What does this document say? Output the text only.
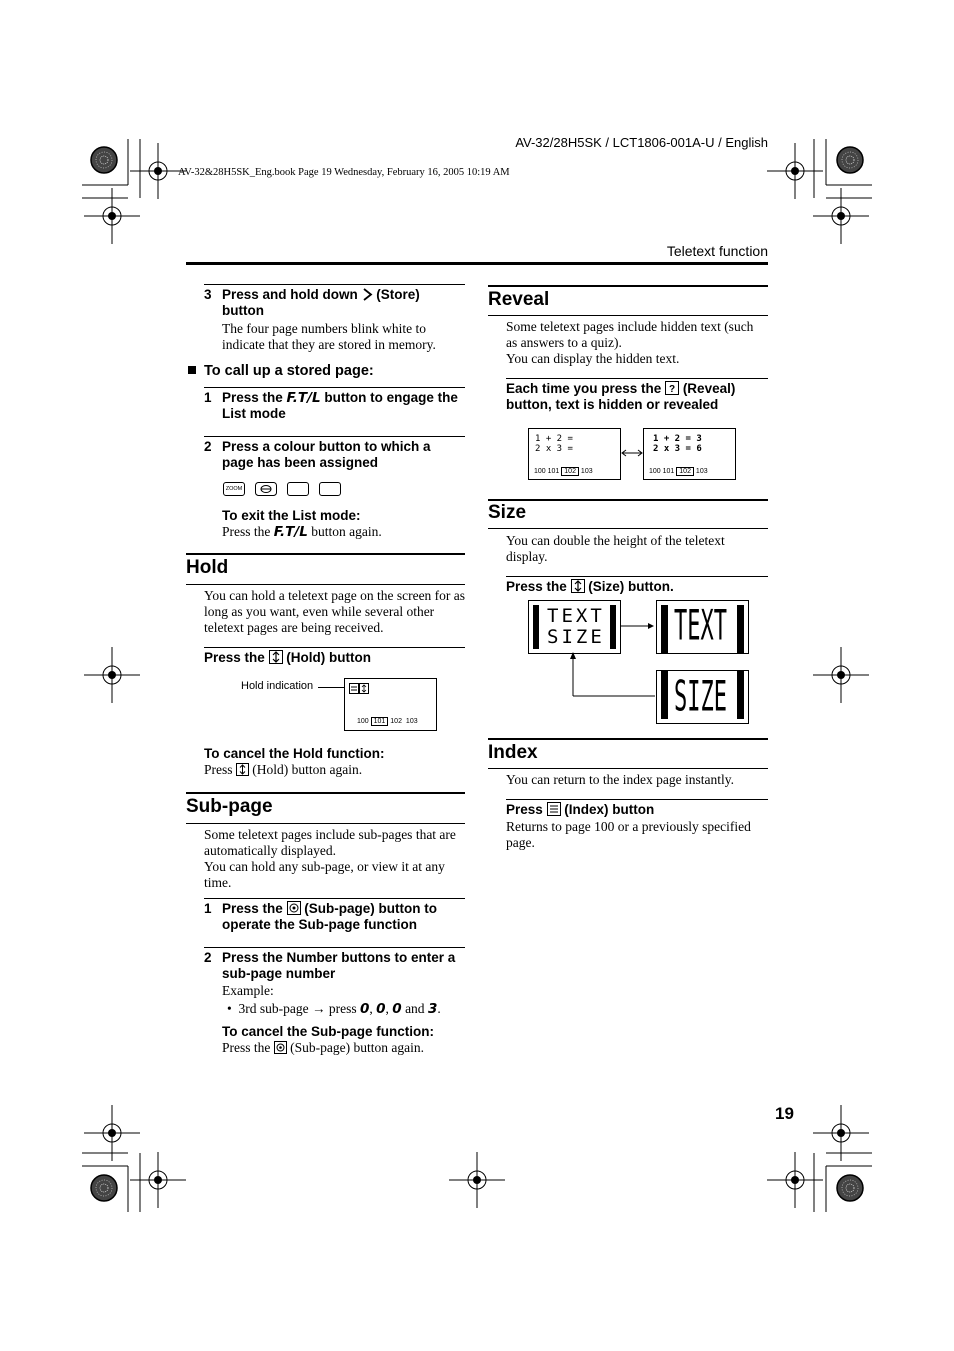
AV-32/28H5SK / LCT1806-001A-U / English
AV-32&28H5SK_Eng.book Page 19 Wednesday, February 16, 2005 10:19 AM
Teletext function
3 Press and hold down  (Store) button
The four page numbers blink white to indicate that they are stored in memory.
To call up a stored page:
1 Press the F.T/L button to engage the List mode
2 Press a colour button to which a page has been assigned
ZOOM
To exit the List mode:
Press the F.T/L button again.
Hold
You can hold a teletext page on the screen for as long as you want, even while several other teletext pages are being received.
Press the  (Hold) button
Hold indication
100 101 102 103
To cancel the Hold function:
Press  (Hold) button again.
Sub-page
Some teletext pages include sub-pages that are automatically displayed.
You can hold any sub-page, or view it at any time.
1 Press the  (Sub-page) button to operate the Sub-page function
2 Press the Number buttons to enter a sub-page number
Example:
•  3rd sub-page → press 0, 0, 0 and 3.
To cancel the Sub-page function:
Press the  (Sub-page) button again.
Reveal
Some teletext pages include hidden text (such as answers to a quiz).
You can display the hidden text.
Each time you press the ? (Reveal) button, text is hidden or revealed
1 + 2 =
2 x 3 =
100 101 102 103
1 + 2 = 3
2 x 3 = 6
100 101 102 103
Size
You can double the height of the teletext display.
Press the  (Size) button.
TEXT
SIZE	TEXT
SIZE
Index
You can return to the index page instantly.
Press  (Index) button
Returns to page 100 or a previously specified page.
19
